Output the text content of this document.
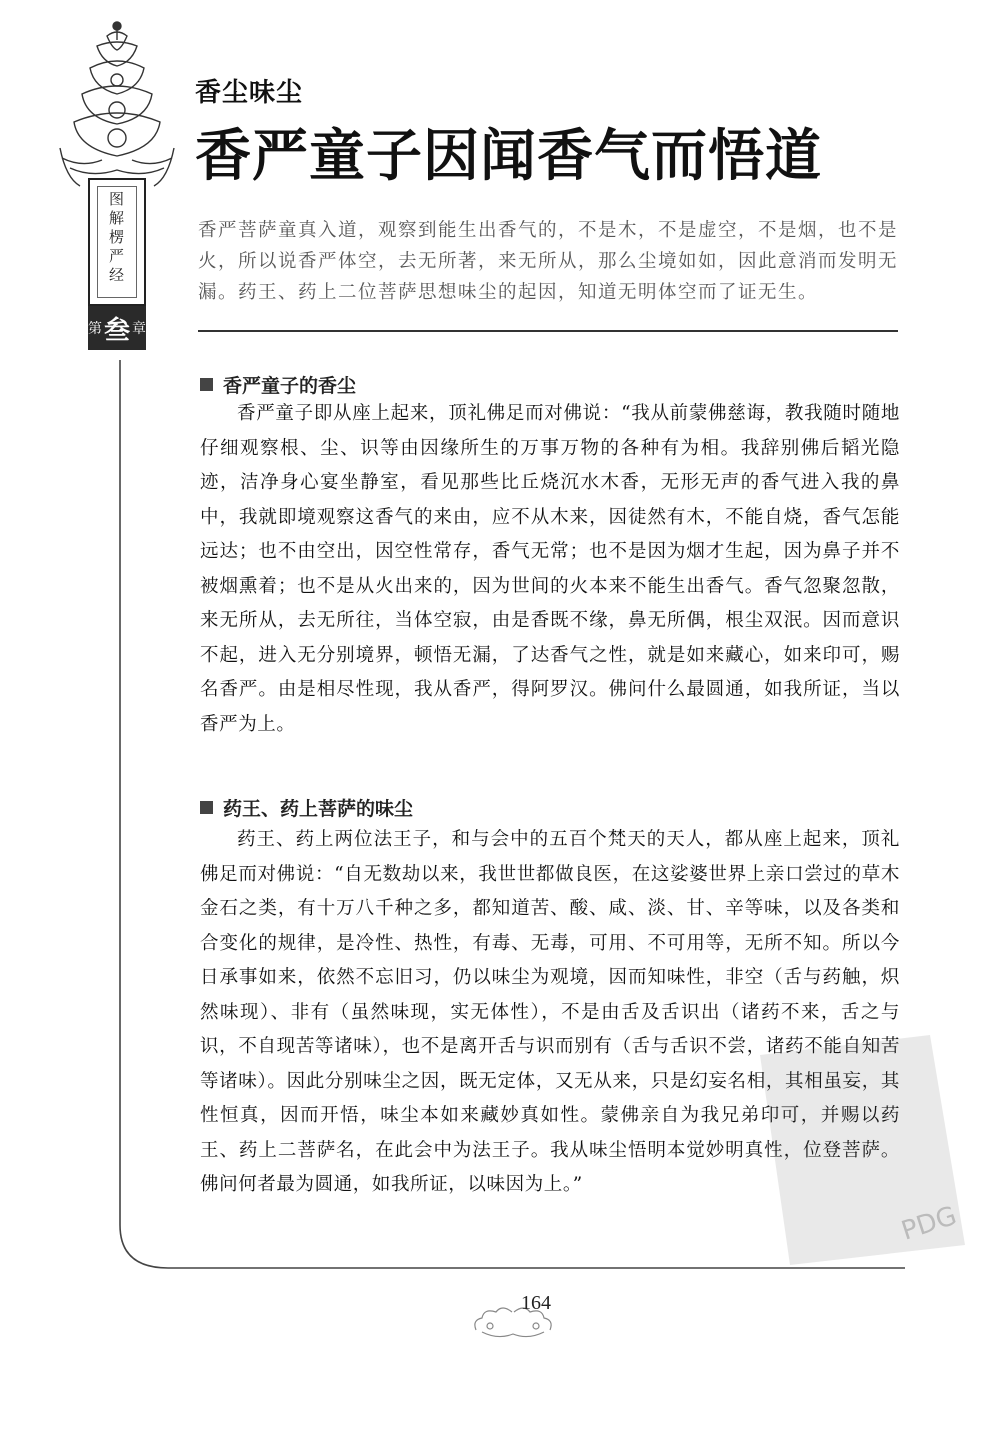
图解楞严经
第 叁 章
香尘味尘
香严童子因闻香气而悟道

香严菩萨童真入道，观察到能生出香气的，不是木，不是虚空，不是烟，也不是火，所以说香严体空，去无所著，来无所从，那么尘境如如，因此意消而发明无漏。药王、药上二位菩萨思想味尘的起因，知道无明体空而了证无生。

香严童子的香尘

香严童子即从座上起来，顶礼佛足而对佛说：“我从前蒙佛慈诲，教我随时随地仔细观察根、尘、识等由因缘所生的万事万物的各种有为相。我辞别佛后韬光隐迹，洁净身心宴坐静室，看见那些比丘烧沉水木香，无形无声的香气进入我的鼻中，我就即境观察这香气的来由，应不从木来，因徒然有木，不能自烧，香气怎能远达；也不由空出，因空性常存，香气无常；也不是因为烟才生起，因为鼻子并不被烟熏着；也不是从火出来的，因为世间的火本来不能生出香气。香气忽聚忽散，来无所从，去无所往，当体空寂，由是香既不缘，鼻无所偶，根尘双泯。因而意识不起，进入无分别境界，顿悟无漏，了达香气之性，就是如来藏心，如来印可，赐名香严。由是相尽性现，我从香严，得阿罗汉。佛问什么最圆通，如我所证，当以香严为上。

药王、药上菩萨的味尘

药王、药上两位法王子，和与会中的五百个梵天的天人，都从座上起来，顶礼佛足而对佛说：“自无数劫以来，我世世都做良医，在这娑婆世界上亲口尝过的草木金石之类，有十万八千种之多，都知道苦、酸、咸、淡、甘、辛等味，以及各类和合变化的规律，是冷性、热性，有毒、无毒，可用、不可用等，无所不知。所以今日承事如来，依然不忘旧习，仍以味尘为观境，因而知味性，非空（舌与药触，炽然味现）、非有（虽然味现，实无体性），不是由舌及舌识出（诸药不来，舌之与识，不自现苦等诸味），也不是离开舌与识而别有（舌与舌识不尝，诸药不能自知苦等诸味）。因此分别味尘之因，既无定体，又无从来，只是幻妄名相，其相虽妄，其性恒真，因而开悟，味尘本如来藏妙真如性。蒙佛亲自为我兄弟印可，并赐以药王、药上二菩萨名，在此会中为法王子。我从味尘悟明本觉妙明真性，位登菩萨。佛问何者最为圆通，如我所证，以味因为上。”

PDG
164
